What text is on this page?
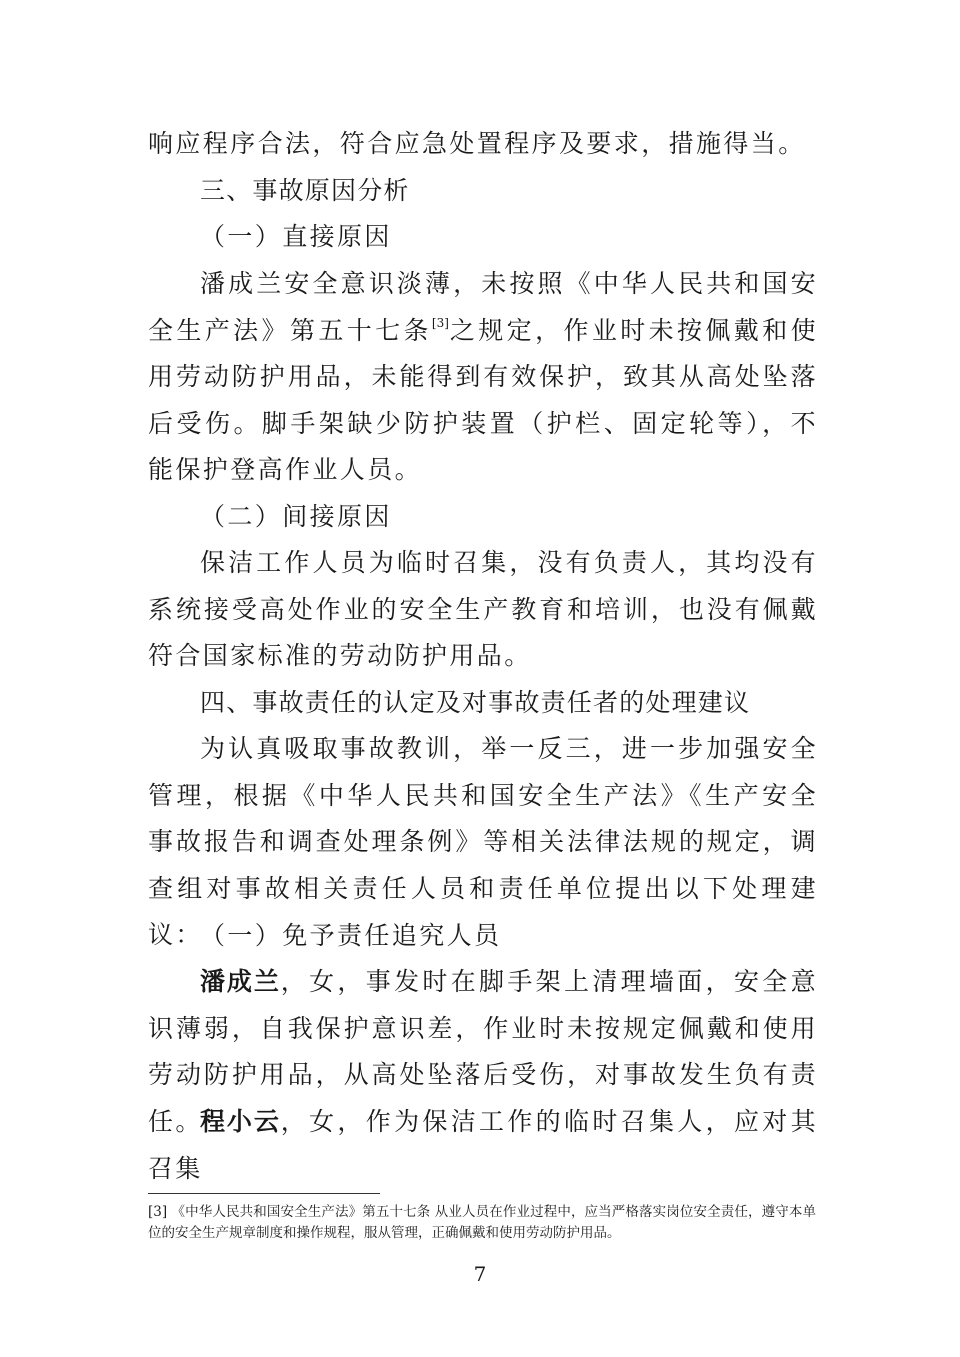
响应程序合法，符合应急处置程序及要求，措施得当。

三、事故原因分析

（一）直接原因

潘成兰安全意识淡薄，未按照《中华人民共和国安全生产法》第五十七条[3]之规定，作业时未按佩戴和使用劳动防护用品，未能得到有效保护，致其从高处坠落后受伤。脚手架缺少防护装置（护栏、固定轮等），不能保护登高作业人员。

（二）间接原因

保洁工作人员为临时召集，没有负责人，其均没有系统接受高处作业的安全生产教育和培训，也没有佩戴符合国家标准的劳动防护用品。

四、事故责任的认定及对事故责任者的处理建议

为认真吸取事故教训，举一反三，进一步加强安全管理，根据《中华人民共和国安全生产法》《生产安全事故报告和调查处理条例》等相关法律法规的规定，调查组对事故相关责任人员和责任单位提出以下处理建议：

（一）免予责任追究人员

潘成兰，女，事发时在脚手架上清理墙面，安全意识薄弱，自我保护意识差，作业时未按规定佩戴和使用劳动防护用品，从高处坠落后受伤，对事故发生负有责任。

程小云，女，作为保洁工作的临时召集人，应对其召集

[3] 《中华人民共和国安全生产法》第五十七条 从业人员在作业过程中，应当严格落实岗位安全责任，遵守本单位的安全生产规章制度和操作规程，服从管理，正确佩戴和使用劳动防护用品。

7
